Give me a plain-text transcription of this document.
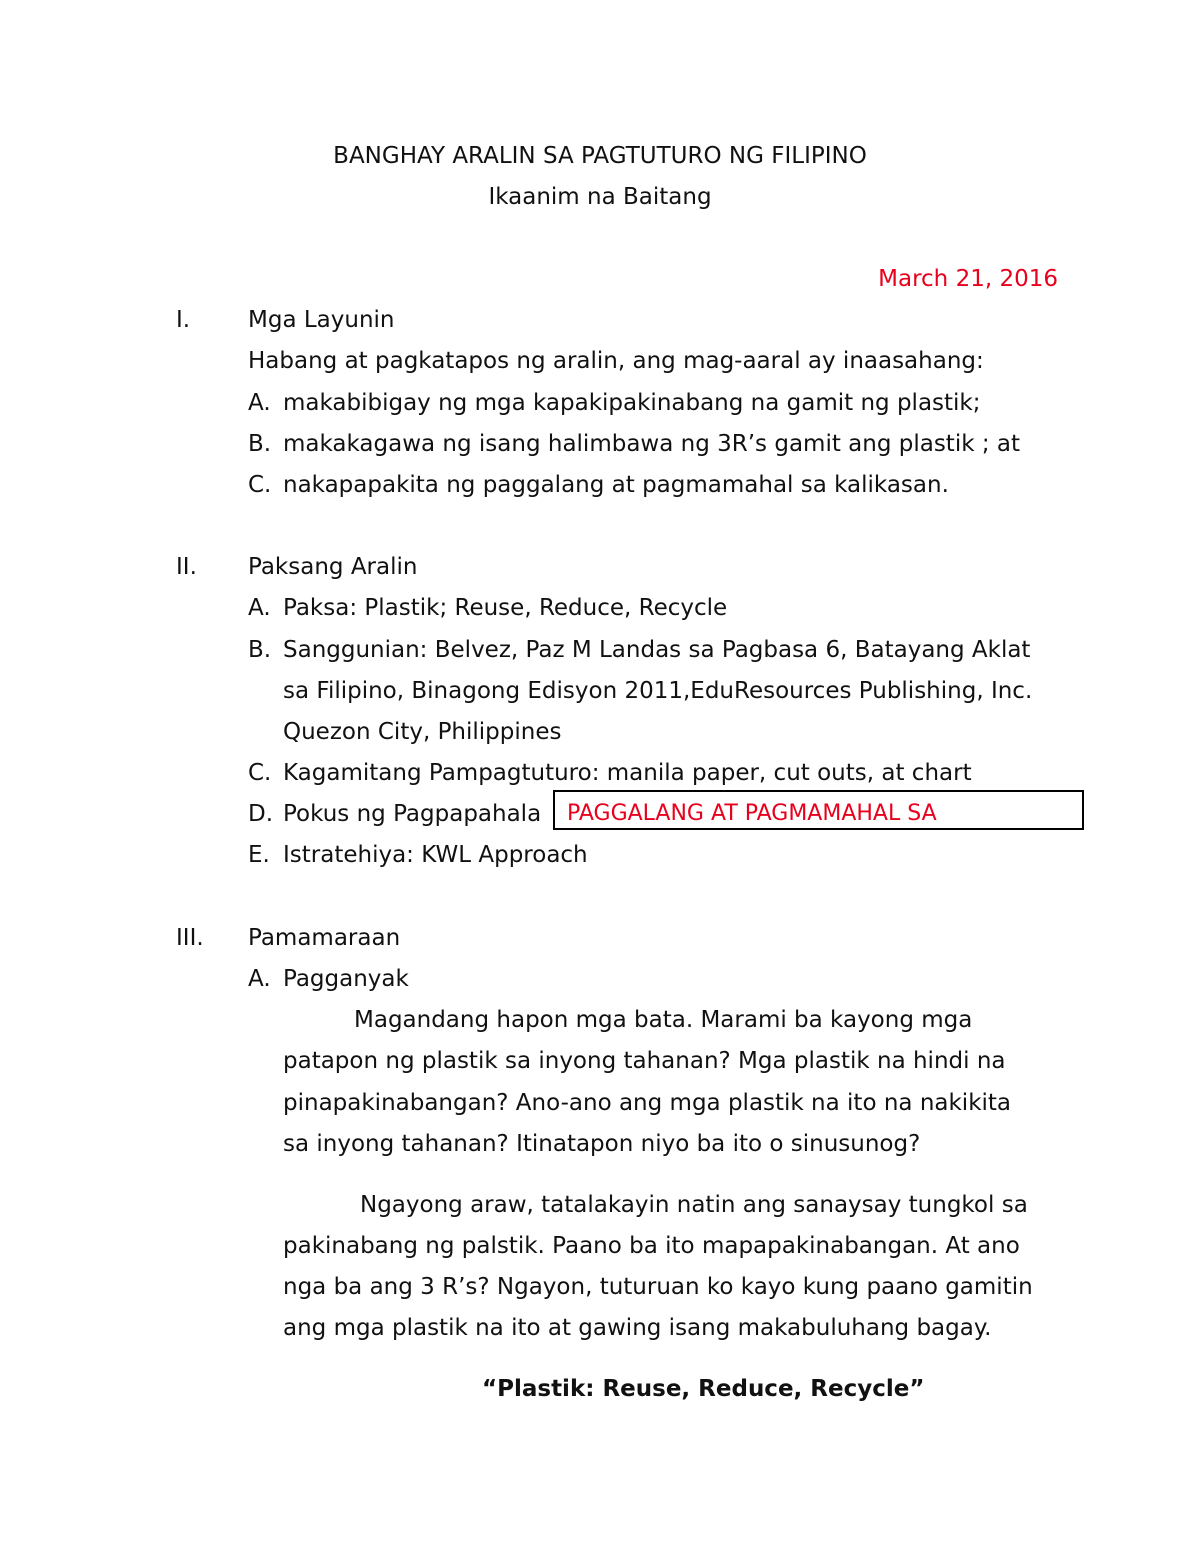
BANGHAY ARALIN SA PAGTUTURO NG FILIPINO
Ikaanim na Baitang
March 21, 2016
I.	Mga Layunin
Habang at pagkatapos ng aralin, ang mag-aaral ay inaasahang:
A. makabibigay ng mga kapakipakinabang na gamit ng plastik;
B. makakagawa ng isang halimbawa ng 3R’s gamit ang plastik ; at
C. nakapapakita ng paggalang at pagmamahal sa kalikasan.
II. Paksang Aralin
A. Paksa: Plastik; Reuse, Reduce, Recycle
B. Sanggunian: Belvez, Paz M Landas sa Pagbasa 6, Batayang Aklat
sa Filipino, Binagong Edisyon 2011,EduResources Publishing, Inc.
Quezon City, Philippines
C. Kagamitang Pampagtuturo: manila paper, cut outs, at chart
D. Pokus ng Pagpapahala PAGGALANG AT PAGMAMAHAL SA
E. Istratehiya: KWL Approach
III. Pamamaraan
A. Pagganyak
Magandang hapon mga bata. Marami ba kayong mga
patapon ng plastik sa inyong tahanan? Mga plastik na hindi na
pinapakinabangan? Ano-ano ang mga plastik na ito na nakikita
sa inyong tahanan? Itinatapon niyo ba ito o sinusunog?
Ngayong araw, tatalakayin natin ang sanaysay tungkol sa
pakinabang ng palstik. Paano ba ito mapapakinabangan. At ano
nga ba ang 3 R’s? Ngayon, tuturuan ko kayo kung paano gamitin
ang mga plastik na ito at gawing isang makabuluhang bagay.
“Plastik: Reuse, Reduce, Recycle”
